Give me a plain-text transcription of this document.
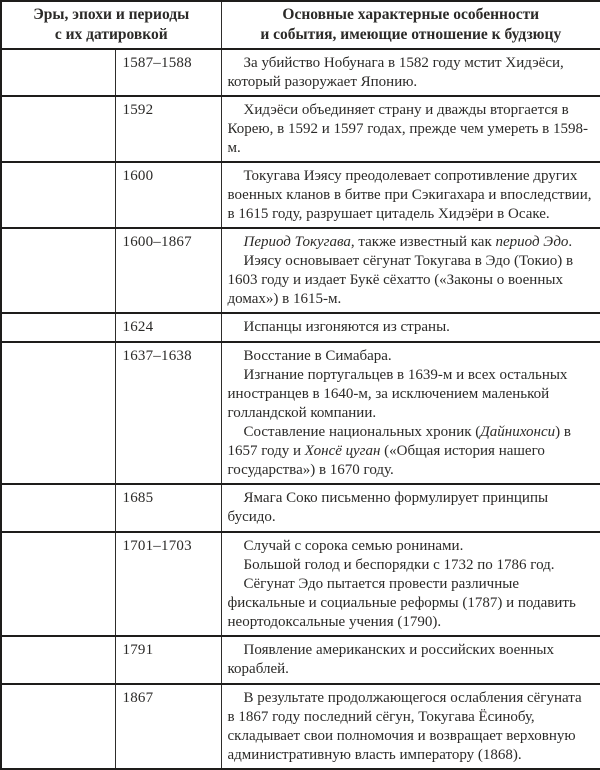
Эры, эпохи и периоды
с их датировкой

Основные характерные особенности
и события, имеющие отношение к будзюцу

	1587–1588	За убийство Нобунага в 1582 году мстит Хидэёси, который разоружает Японию.

	1592	Хидэёси объединяет страну и дважды вторгается в Корею, в 1592 и 1597 годах, прежде чем умереть в 1598-м.

	1600	Токугава Иэясу преодолевает сопротивление других военных кланов в битве при Сэкигахара и впоследствии, в 1615 году, разрушает цитадель Хидэёри в Осаке.

	1600–1867	Период Токугава, также известный как период Эдо.

Иэясу основывает сёгунат Токугава в Эдо (Токио) в 1603 году и издает Букё сёхатто («Законы о военных домах») в 1615-м.

	1624	Испанцы изгоняются из страны.

	1637–1638	Восстание в Симабара.

Изгнание португальцев в 1639-м и всех остальных иностранцев в 1640-м, за исключением маленькой голландской компании.

Составление национальных хроник (Дайнихонси) в 1657 году и Хонсё цуган («Общая история нашего государства») в 1670 году.

	1685	Ямага Соко письменно формулирует принципы бусидо.

	1701–1703	Случай с сорока семью ронинами.

Большой голод и беспорядки с 1732 по 1786 год.

Сёгунат Эдо пытается провести различные фискальные и социальные реформы (1787) и подавить неортодоксальные учения (1790).

	1791	Появление американских и российских военных кораблей.

	1867	В результате продолжающегося ослабления сёгуната в 1867 году последний сёгун, Токугава Ёсинобу, складывает свои полномочия и возвращает верховную административную власть императору (1868).
